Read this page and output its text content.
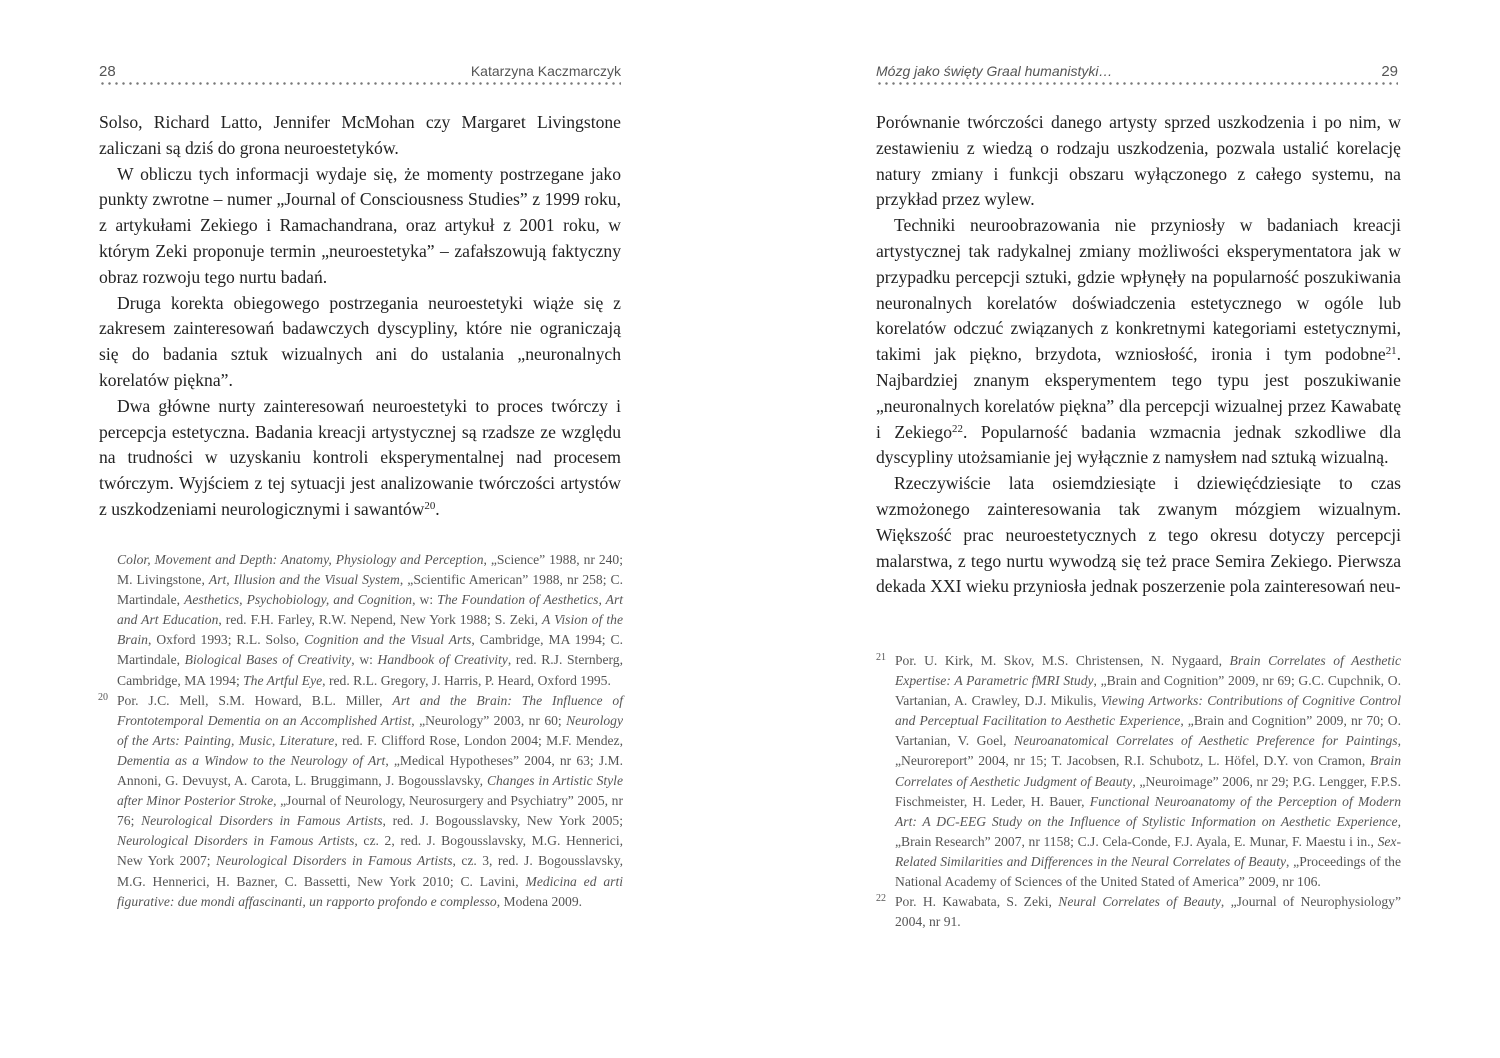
28	Katarzyna Kaczmarczyk

Solso, Richard Latto, Jennifer McMohan czy Margaret Livingstone zaliczani są dziś do grona neuroestetyków.

W obliczu tych informacji wydaje się, że momenty postrzegane jako punkty zwrotne – numer „Journal of Consciousness Studies” z 1999 roku, z artykułami Zekiego i Ramachandrana, oraz artykuł z 2001 roku, w którym Zeki proponuje termin „neuroestetyka” – zafałszowują faktyczny obraz rozwoju tego nurtu badań.

Druga korekta obiegowego postrzegania neuroestetyki wiąże się z zakresem zainteresowań badawczych dyscypliny, które nie ograniczają się do badania sztuk wizualnych ani do ustalania „neuronalnych korelatów piękna”.

Dwa główne nurty zainteresowań neuroestetyki to proces twórczy i percepcja estetyczna. Badania kreacji artystycznej są rzadsze ze względu na trudności w uzyskaniu kontroli eksperymentalnej nad procesem twórczym. Wyjściem z tej sytuacji jest analizowanie twórczości artystów z uszkodzeniami neurologicznymi i sawantów$^{20}$.

Color, Movement and Depth: Anatomy, Physiology and Perception, „Science” 1988, nr 240; M. Livingstone, Art, Illusion and the Visual System, „Scientific American” 1988, nr 258; C. Martindale, Aesthetics, Psychobiology, and Cognition, w: The Foundation of Aesthetics, Art and Art Education, red. F.H. Farley, R.W. Nepend, New York 1988; S. Zeki, A Vision of the Brain, Oxford 1993; R.L. Solso, Cognition and the Visual Arts, Cambridge, MA 1994; C. Martindale, Biological Bases of Creativity, w: Handbook of Creativity, red. R.J. Sternberg, Cambridge, MA 1994; The Artful Eye, red. R.L. Gregory, J. Harris, P. Heard, Oxford 1995.

20 Por. J.C. Mell, S.M. Howard, B.L. Miller, Art and the Brain: The Influence of Frontotemporal Dementia on an Accomplished Artist, „Neurology” 2003, nr 60; Neurology of the Arts: Painting, Music, Literature, red. F. Clifford Rose, London 2004; M.F. Mendez, Dementia as a Window to the Neurology of Art, „Medical Hypotheses” 2004, nr 63; J.M. Annoni, G. Devuyst, A. Carota, L. Bruggimann, J. Bogousslavsky, Changes in Artistic Style after Minor Posterior Stroke, „Journal of Neurology, Neurosurgery and Psychiatry” 2005, nr 76; Neurological Disorders in Famous Artists, red. J. Bogousslavsky, New York 2005; Neurological Disorders in Famous Artists, cz. 2, red. J. Bogousslavsky, M.G. Hennerici, New York 2007; Neurological Disorders in Famous Artists, cz. 3, red. J. Bogousslavsky, M.G. Hennerici, H. Bazner, C. Bassetti, New York 2010; C. Lavini, Medicina ed arti figurative: due mondi affascinanti, un rapporto profondo e complesso, Modena 2009.

Mózg jako święty Graal humanistyki…	29

Porównanie twórczości danego artysty sprzed uszkodzenia i po nim, w zestawieniu z wiedzą o rodzaju uszkodzenia, pozwala ustalić korelację natury zmiany i funkcji obszaru wyłączonego z całego systemu, na przykład przez wylew.

Techniki neuroobrazowania nie przyniosły w badaniach kreacji artystycznej tak radykalnej zmiany możliwości eksperymentatora jak w przypadku percepcji sztuki, gdzie wpłynęły na popularność poszukiwania neuronalnych korelatów doświadczenia estetycznego w ogóle lub korelatów odczuć związanych z konkretnymi kategoriami estetycznymi, takimi jak piękno, brzydota, wzniosłość, ironia i tym podobne$^{21}$. Najbardziej znanym eksperymentem tego typu jest poszukiwanie „neuronalnych korelatów piękna” dla percepcji wizualnej przez Kawabatę i Zekiego$^{22}$. Popularność badania wzmacnia jednak szkodliwe dla dyscypliny utożsamianie jej wyłącznie z namysłem nad sztuką wizualną.

Rzeczywiście lata osiemdziesiąte i dziewięćdziesiąte to czas wzmożonego zainteresowania tak zwanym mózgiem wizualnym. Większość prac neuroestetycznych z tego okresu dotyczy percepcji malarstwa, z tego nurtu wywodzą się też prace Semira Zekiego. Pierwsza dekada XXI wieku przyniosła jednak poszerzenie pola zainteresowań neu-

21 Por. U. Kirk, M. Skov, M.S. Christensen, N. Nygaard, Brain Correlates of Aesthetic Expertise: A Parametric fMRI Study, „Brain and Cognition” 2009, nr 69; G.C. Cupchnik, O. Vartanian, A. Crawley, D.J. Mikulis, Viewing Artworks: Contributions of Cognitive Control and Perceptual Facilitation to Aesthetic Experience, „Brain and Cognition” 2009, nr 70; O. Vartanian, V. Goel, Neuroanatomical Correlates of Aesthetic Preference for Paintings, „Neuroreport” 2004, nr 15; T. Jacobsen, R.I. Schubotz, L. Höfel, D.Y. von Cramon, Brain Correlates of Aesthetic Judgment of Beauty, „Neuroimage” 2006, nr 29; P.G. Lengger, F.P.S. Fischmeister, H. Leder, H. Bauer, Functional Neuroanatomy of the Perception of Modern Art: A DC-EEG Study on the Influence of Stylistic Information on Aesthetic Experience, „Brain Research” 2007, nr 1158; C.J. Cela-Conde, F.J. Ayala, E. Munar, F. Maestu i in., Sex-Related Similarities and Differences in the Neural Correlates of Beauty, „Proceedings of the National Academy of Sciences of the United Stated of America” 2009, nr 106.

22 Por. H. Kawabata, S. Zeki, Neural Correlates of Beauty, „Journal of Neurophysiology” 2004, nr 91.
